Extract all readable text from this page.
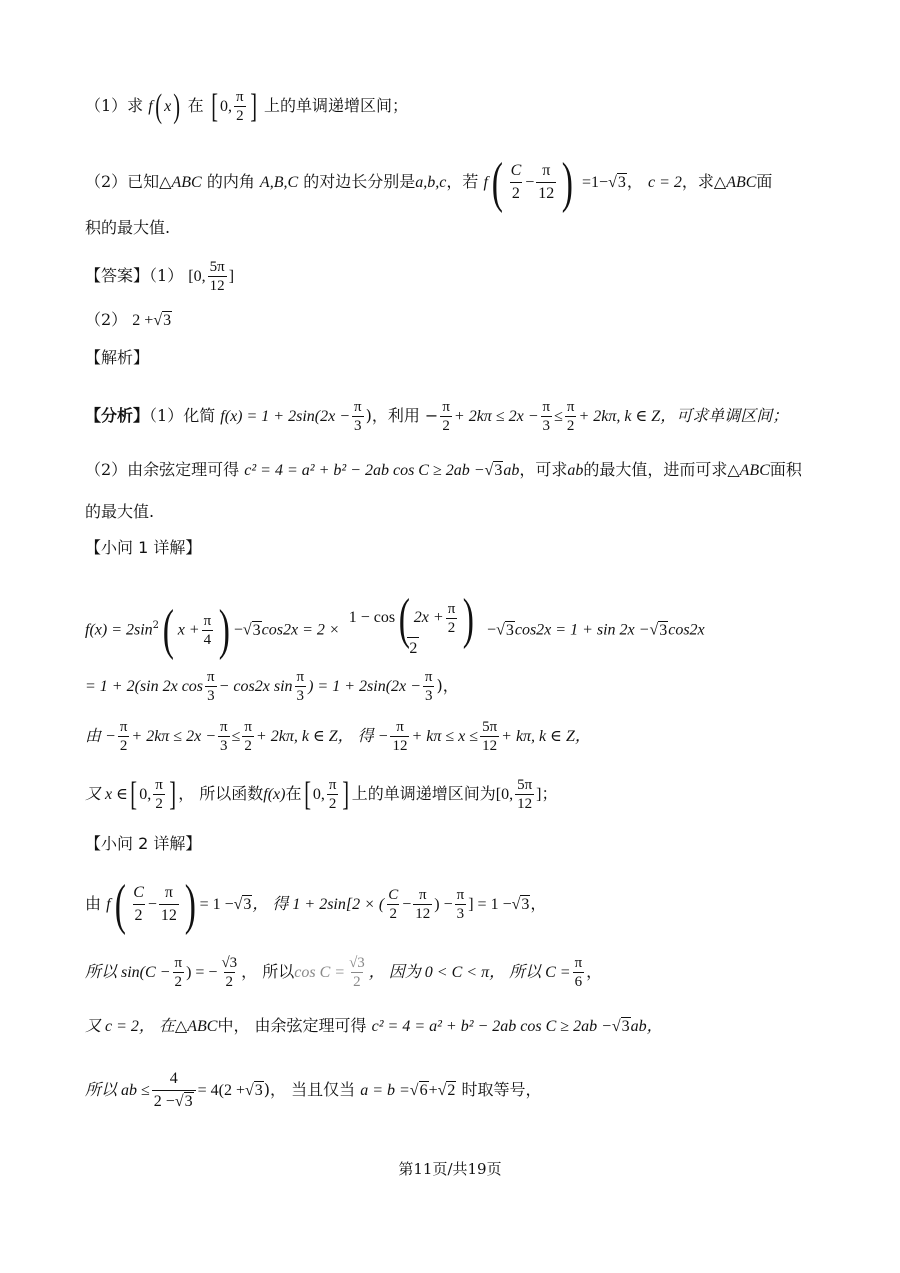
（1）求 f( x) 在 [ 0, $\frac{\pi}{2}$ ] 上的单调递增区间；
（2）已知△ABC 的内角 A,B,C 的对边长分别是a,b,c，若 $f( \frac{C}{2} - \frac{\pi}{12}$ ) =1−√3， c = 2，求△ABC面
积的最大值.
【答案】（1） [0, $\frac{5\pi}{12}$ ]
（2） 2 +√3
【解析】
【分析】（1）化简 $f(x) = 1 + 2\sin(2x - \frac{\pi}{3}$ )，利用 − $\frac{\pi}{2} + 2k\pi \le 2x - \frac{\pi}{3} \le \frac{\pi}{2} + 2k\pi$, k ∈ Z，可求单调区间；
（2）由余弦定理可得 c² = 4 = a² + b² − 2ab cos C ≥ 2ab −√3ab，可求ab的最大值，进而可求△ABC面积
的最大值.
【小问 1 详解】
$f(x) = 2\sin^2$( $x + \frac{\pi}{4}$ ) $-√3\cos 2x = 2 \times \frac{1 - \cos( 2x + \frac{\pi}{2} )}{2} -√3\cos 2x = 1 + \sin 2x -√3\cos 2x$
= 1 + 2(sin 2x $\cos \frac{\pi}{3} - \cos 2x$ $\sin \frac{\pi}{3}$ ) = $1 + 2\sin(2x - \frac{\pi}{3}$ )，
由 − $\frac{\pi}{2} + 2k\pi \le 2x - \frac{\pi}{3} \le \frac{\pi}{2} + 2k\pi$, k ∈ Z， 得 − $\frac{\pi}{12} + k\pi \le x \le \frac{5\pi}{12} + k\pi$, k ∈ Z，
又 x ∈[ 0, $\frac{\pi}{2}$ ] ， 所以函数f(x)在[ 0, $\frac{\pi}{2}$ ] 上的单调递增区间为[0, $\frac{5\pi}{12}$ ]；
【小问 2 详解】
由 $f( \frac{C}{2} - \frac{\pi}{12}$ ) = 1 −√3， 得 1 + 2sin[2 × ( $\frac{C}{2} - \frac{\pi}{12}$ ) − $\frac{\pi}{3}$ ] = 1 −√3，
所以 $\sin(C - \frac{\pi}{2}$ ) = − $\frac{√3}{2}$ ， 所以$\cos C = \frac{√3}{2}$ ， 因为 0 < C < π， 所以 $C = \frac{\pi}{6}$ ，
又 c = 2， 在△ABC中， 由余弦定理可得 c² = 4 = a² + b² − 2ab cos C ≥ 2ab −√3ab，
所以 ab ≤ $\frac{4}{2 -√3} = 4(2 +√3)$， 当且仅当 a = b =√6+√2 时取等号，
第11页/共19页
